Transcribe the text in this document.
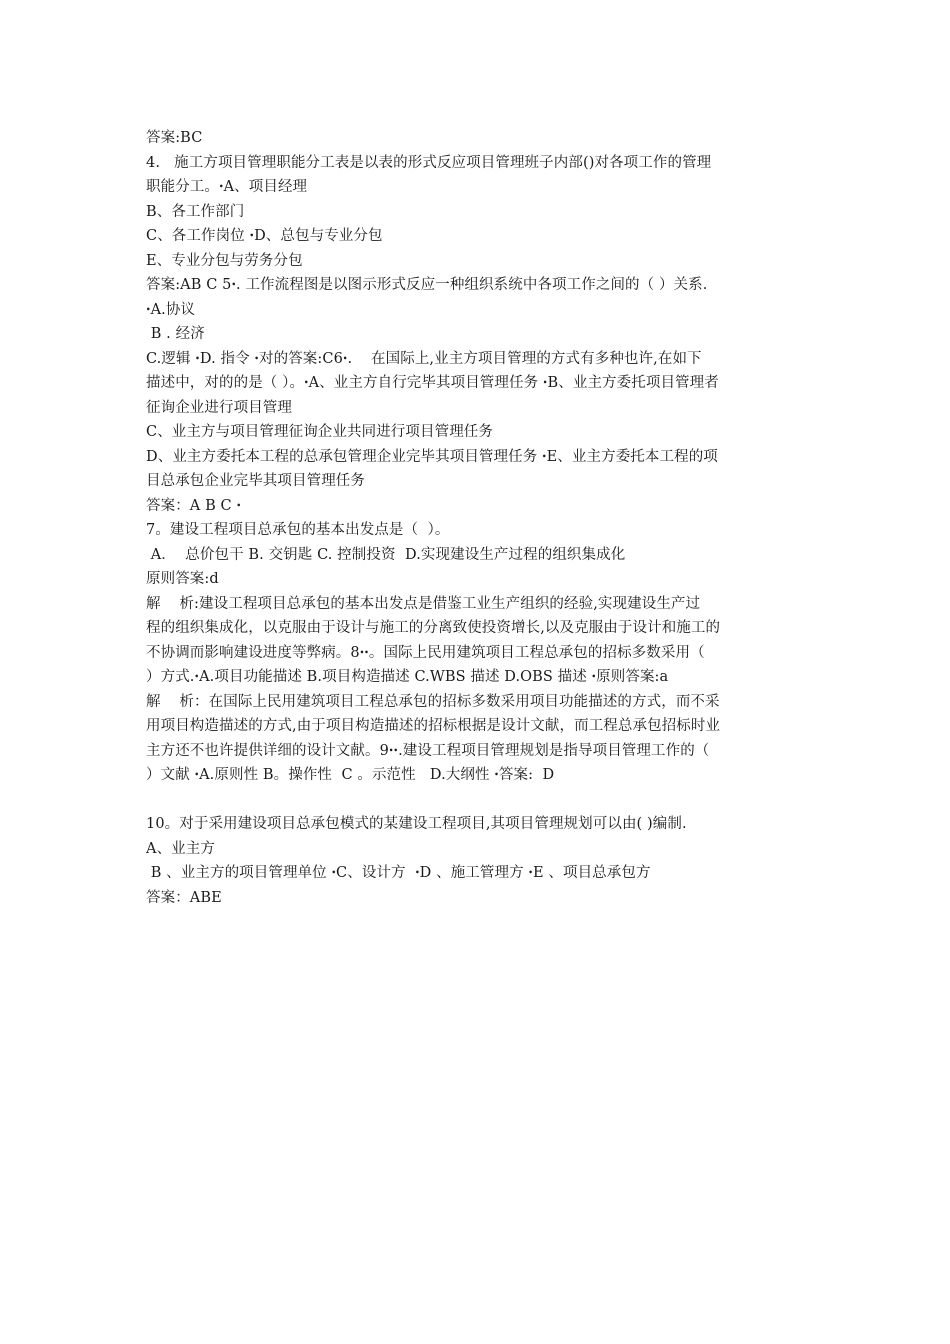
答案:BC
4.   施工方项目管理职能分工表是以表的形式反应项目管理班子内部()对各项工作的管理
职能分工。ꞏA、项目经理
B、各工作部门
C、各工作岗位 ꞏD、总包与专业分包
E、专业分包与劳务分包
答案:AB C 5ꞏ. 工作流程图是以图示形式反应一种组织系统中各项工作之间的（ ）关系.
ꞏA.协议
B . 经济
C.逻辑 ꞏD. 指令 ꞏ对的答案:C6ꞏ.    在国际上,业主方项目管理的方式有多种也许,在如下
描述中，对的的是（ ）。ꞏA、业主方自行完毕其项目管理任务 ꞏB、业主方委托项目管理者
征询企业进行项目管理
C、业主方与项目管理征询企业共同进行项目管理任务
D、业主方委托本工程的总承包管理企业完毕其项目管理任务 ꞏE、业主方委托本工程的项
目总承包企业完毕其项目管理任务
答案：A B C ꞏ
7。建设工程项目总承包的基本出发点是（  ）。
A．  总价包干 B. 交钥匙 C. 控制投资  D.实现建设生产过程的组织集成化
原则答案:d
解    析:建设工程项目总承包的基本出发点是借鉴工业生产组织的经验,实现建设生产过
程的组织集成化，以克服由于设计与施工的分离致使投资增长,以及克服由于设计和施工的
不协调而影响建设进度等弊病。8ꞏꞏ。国际上民用建筑项目工程总承包的招标多数采用（
）方式.ꞏA.项目功能描述 B.项目构造描述 C.WBS 描述 D.OBS 描述 ꞏ原则答案:a
解    析：在国际上民用建筑项目工程总承包的招标多数采用项目功能描述的方式，而不采
用项目构造描述的方式,由于项目构造描述的招标根据是设计文献，而工程总承包招标时业
主方还不也许提供详细的设计文献。9ꞏꞏ.建设工程项目管理规划是指导项目管理工作的（
）文献 ꞏA.原则性 B。操作性  C 。示范性   D.大纲性 ꞏ答案:  D
10。对于采用建设项目总承包模式的某建设工程项目,其项目管理规划可以由( )编制.
A、业主方
B 、业主方的项目管理单位 ꞏC、设计方  ꞏD 、施工管理方 ꞏE 、项目总承包方
答案：ABE
